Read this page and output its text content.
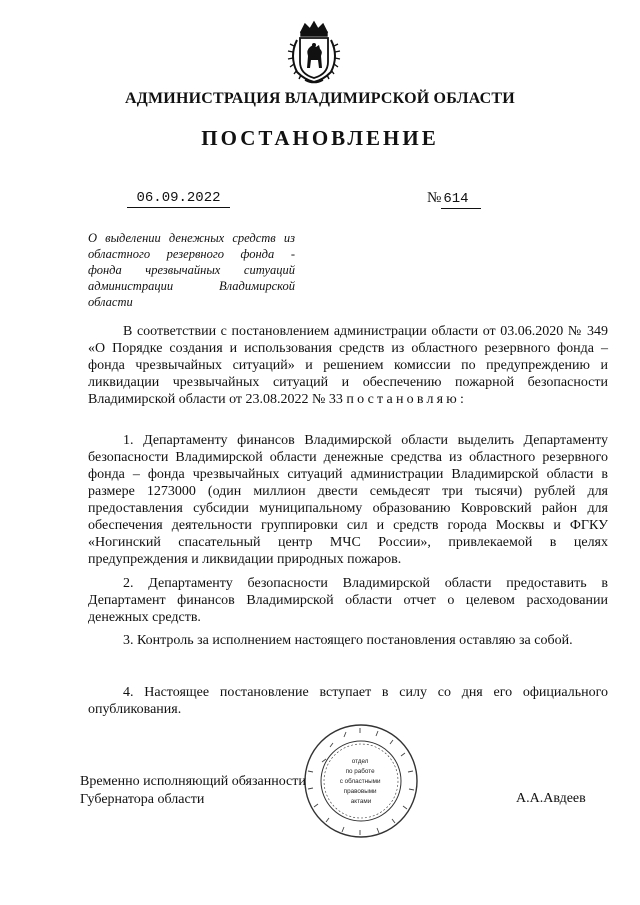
АДМИНИСТРАЦИЯ ВЛАДИМИРСКОЙ ОБЛАСТИ
ПОСТАНОВЛЕНИЕ
06.09.2022	№ 614
О выделении денежных средств из
областного резервного фонда -
фонда чрезвычайных ситуаций
администрации Владимирской
области

В соответствии с постановлением администрации области от 03.06.2020 № 349 «О Порядке создания и использования средств из областного резервного фонда – фонда чрезвычайных ситуаций» и решением комиссии по предупреждению и ликвидации чрезвычайных ситуаций и обеспечению пожарной безопасности Владимирской области от 23.08.2022 № 33 постановляю:

1. Департаменту финансов Владимирской области выделить Департаменту безопасности Владимирской области денежные средства из областного резервного фонда – фонда чрезвычайных ситуаций администрации Владимирской области в размере 1273000 (один миллион двести семьдесят три тысячи) рублей для предоставления субсидии муниципальному образованию Ковровский район для обеспечения деятельности группировки сил и средств города Москвы и ФГКУ «Ногинский спасательный центр МЧС России», привлекаемой в целях предупреждения и ликвидации природных пожаров.

2. Департаменту безопасности Владимирской области предоставить в Департамент финансов Владимирской области отчет о целевом расходовании денежных средств.

3. Контроль за исполнением настоящего постановления оставляю за собой.

4. Настоящее постановление вступает в силу со дня его официального опубликования.

отдел по работе с областными правовыми актами
Временно исполняющий обязанности
Губернатора области	А.А.Авдеев
